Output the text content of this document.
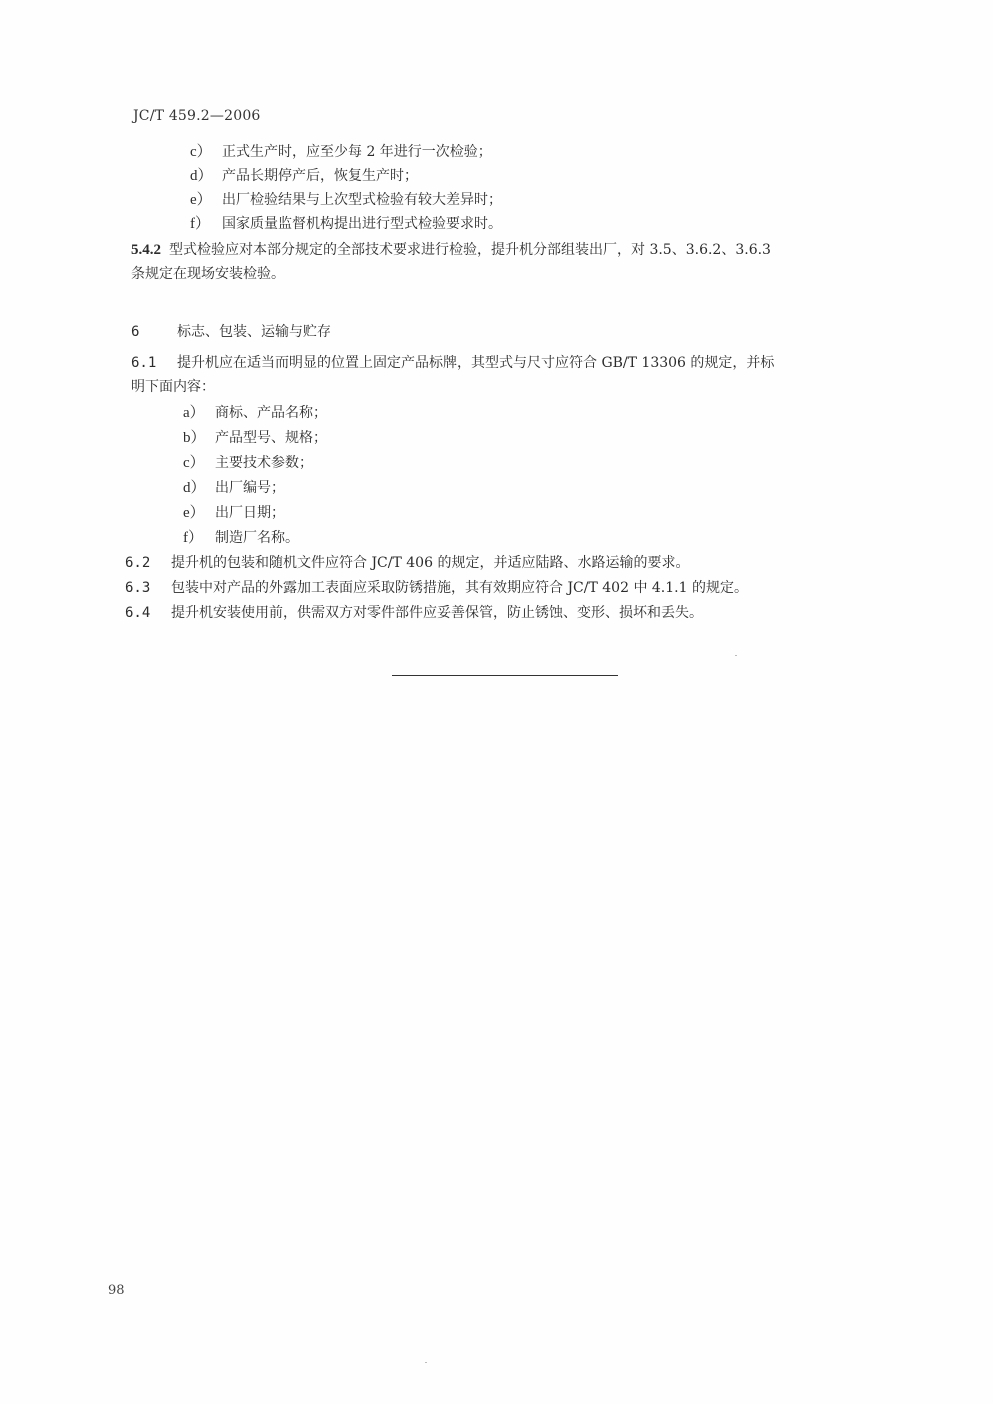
JC/T 459.2—2006
c） 正式生产时，应至少每 2 年进行一次检验；
d） 产品长期停产后，恢复生产时；
e） 出厂检验结果与上次型式检验有较大差异时；
f） 国家质量监督机构提出进行型式检验要求时。
5.4.2 型式检验应对本部分规定的全部技术要求进行检验，提升机分部组装出厂，对 3.5、3.6.2、3.6.3
条规定在现场安装检验。
6	标志、包装、运输与贮存
6.1 提升机应在适当而明显的位置上固定产品标牌，其型式与尺寸应符合 GB/T 13306 的规定，并标
明下面内容：
a） 商标、产品名称；
b） 产品型号、规格；
c） 主要技术参数；
d） 出厂编号；
e） 出厂日期；
f） 制造厂名称。
6.2 提升机的包装和随机文件应符合 JC/T 406 的规定，并适应陆路、水路运输的要求。
6.3 包装中对产品的外露加工表面应采取防锈措施，其有效期应符合 JC/T 402 中 4.1.1 的规定。
6.4 提升机安装使用前，供需双方对零件部件应妥善保管，防止锈蚀、变形、损坏和丢失。
98
